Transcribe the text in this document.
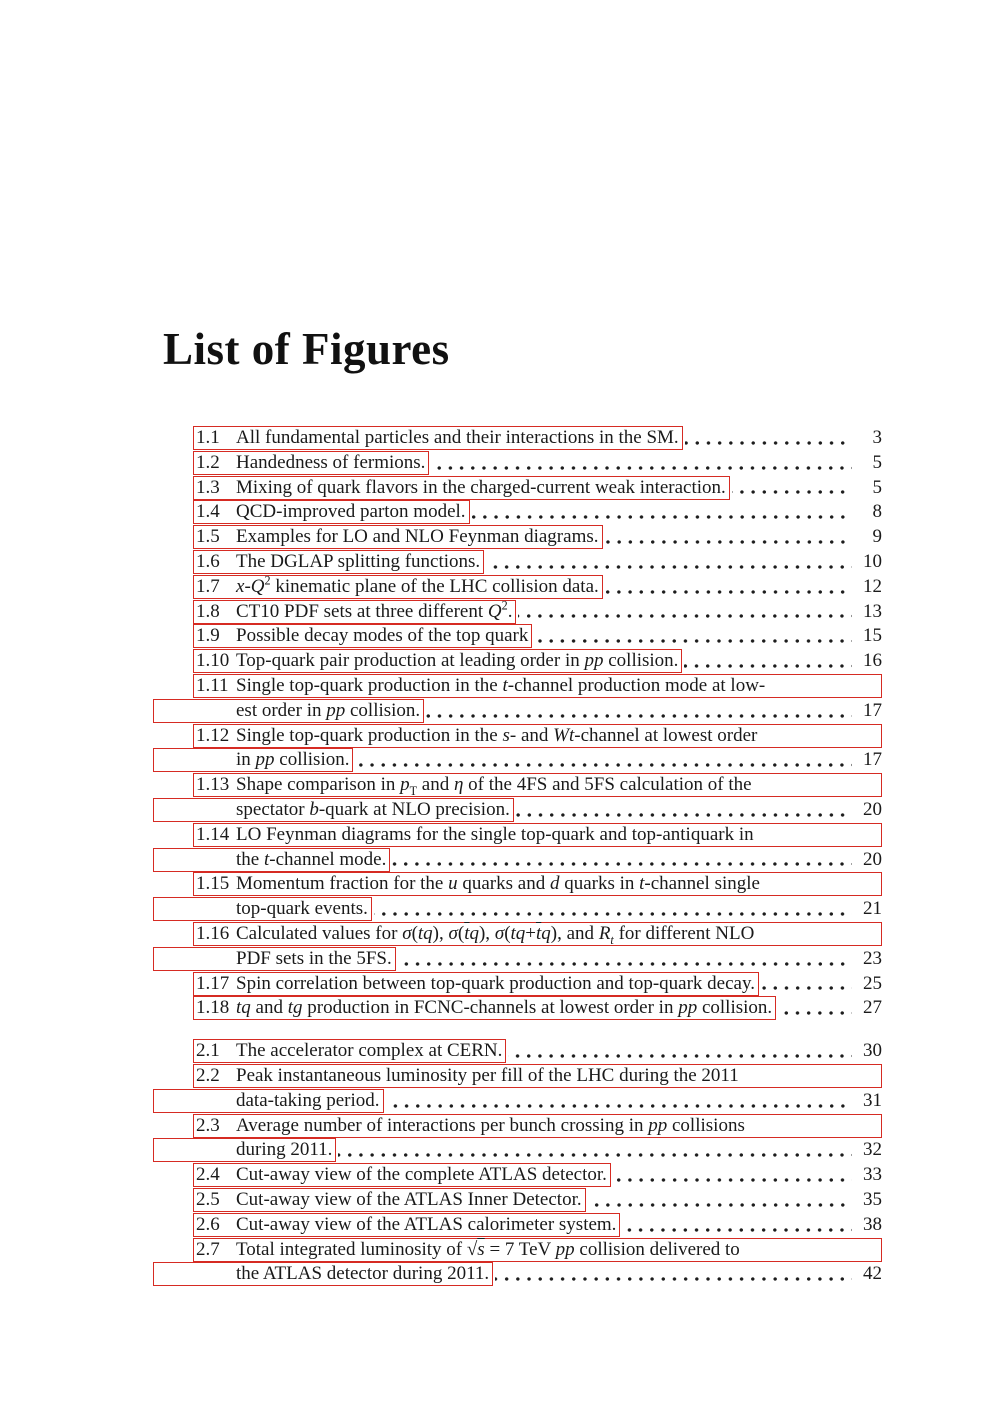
List of Figures
1.1 All fundamental particles and their interactions in the SM.	3
1.2 Handedness of fermions.	5
1.3 Mixing of quark flavors in the charged-current weak interaction.	5
1.4 QCD-improved parton model.	8
1.5 Examples for LO and NLO Feynman diagrams.	9
1.6 The DGLAP splitting functions.	10
1.7 $x-Q^2$ kinematic plane of the LHC collision data.	12
1.8 CT10 PDF sets at three different $Q^2$.	13
1.9 Possible decay modes of the top quark	15
1.10 Top-quark pair production at leading order in pp collision.	16
1.11 Single top-quark production in the t-channel production mode at low-
est order in pp collision.	17
1.12 Single top-quark production in the s- and Wt-channel at lowest order
in pp collision.	17
1.13 Shape comparison in $p_T$ and η of the 4FS and 5FS calculation of the
spectator b-quark at NLO precision.	20
1.14 LO Feynman diagrams for the single top-quark and top-antiquark in
the t-channel mode.	20
1.15 Momentum fraction for the u quarks and d quarks in t-channel single
top-quark events.	21
1.16 Calculated values for σ(tq), $\sigma(\overline{t}q)$, $\sigma(tq+\overline{t}q)$, and $R_t$ for different NLO
PDF sets in the 5FS.	23
1.17 Spin correlation between top-quark production and top-quark decay.	25
1.18 tq and tg production in FCNC-channels at lowest order in pp collision.	27
2.1 The accelerator complex at CERN.	30
2.2 Peak instantaneous luminosity per fill of the LHC during the 2011
data-taking period.	31
2.3 Average number of interactions per bunch crossing in pp collisions
during 2011.	32
2.4 Cut-away view of the complete ATLAS detector.	33
2.5 Cut-away view of the ATLAS Inner Detector.	35
2.6 Cut-away view of the ATLAS calorimeter system.	38
2.7 Total integrated luminosity of √s = 7 TeV pp collision delivered to
the ATLAS detector during 2011.	42
